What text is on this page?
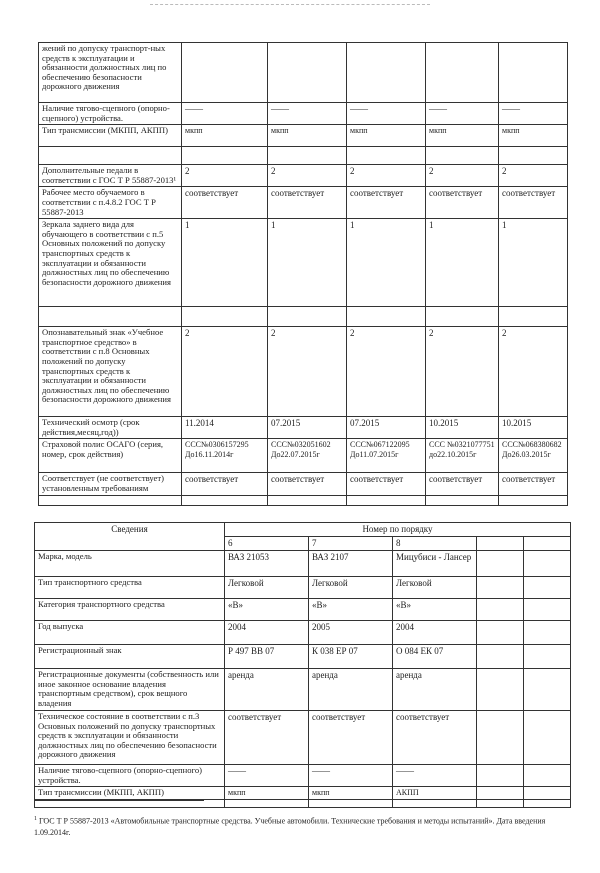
жений по допуску транспорт-ных средств к эксплуатации и обязанности должностных лиц по обеспечению безопасности дорожного движения					
Наличие тягово-сцепного (опорно-сцепного) устройства.	——	——	——	——	——
Тип трансмиссии (МКПП, АКПП)	мкпп	мкпп	мкпп	мкпп	мкпп

Дополнительные педали в соответствии с ГОС Т Р 55887-2013¹	2	2	2	2	2
Рабочее место обучаемого в соответствии с п.4.8.2 ГОС Т Р 55887-2013	соответствует	соответствует	соответствует	соответствует	соответствует
Зеркала заднего вида для обучающего в соответствии с п.5 Основных положений по допуску транспортных средств к эксплуатации и обязанности должностных лиц по обеспечению безопасности дорожного движения	1	1	1	1	1

Опознавательный знак «Учебное транспортное средство» в соответствии с п.8 Основных положений по допуску транспортных средств к эксплуатации и обязанности должностных лиц по обеспечению безопасности дорожного движения	2	2	2	2	2
Технический осмотр (срок действия,месяц,год))	11.2014	07.2015	07.2015	10.2015	10.2015
Страховой полис ОСАГО (серия, номер, срок действия)	ССС№0306157295 До16.11.2014г	ССС№032051602 До22.07.2015г	ССС№067122095 До11.07.2015г	ССС №0321077751 до22.10.2015г	ССС№068380682 До26.03.2015г
Соответствует (не соответствует) установленным требованиям	соответствует	соответствует	соответствует	соответствует	соответствует

Сведения	Номер по порядку				
	6	7	8		
Марка, модель	ВАЗ 21053	ВАЗ 2107	Мицубиси - Лансер		
Тип транспортного средства	Легковой	Легковой	Легковой		
Категория транспортного средства	«В»	«В»	«В»		
Год выпуска	2004	2005	2004		
Регистрационный знак	Р 497 ВВ 07	К 038 ЕР 07	О 084 ЕК 07		
Регистрационные документы (собственность или иное законное основание владения транспортным средством), срок вещного владения	аренда	аренда	аренда		
Техническое состояние в соответствии с п.3 Основных положений по допуску транспортных средств к эксплуатации и обязанности должностных лиц по обеспечению безопасности дорожного движения	соответствует	соответствует	соответствует		
Наличие тягово-сцепного (опорно-сцепного) устройства.	——	——	——		
Тип трансмиссии (МКПП, АКПП)	мкпп	мкпп	АКПП		

$^1$ ГОС Т Р 55887-2013 «Автомобильные транспортные средства. Учебные автомобили. Технические требования и методы испытаний». Дата введения 1.09.2014г.
